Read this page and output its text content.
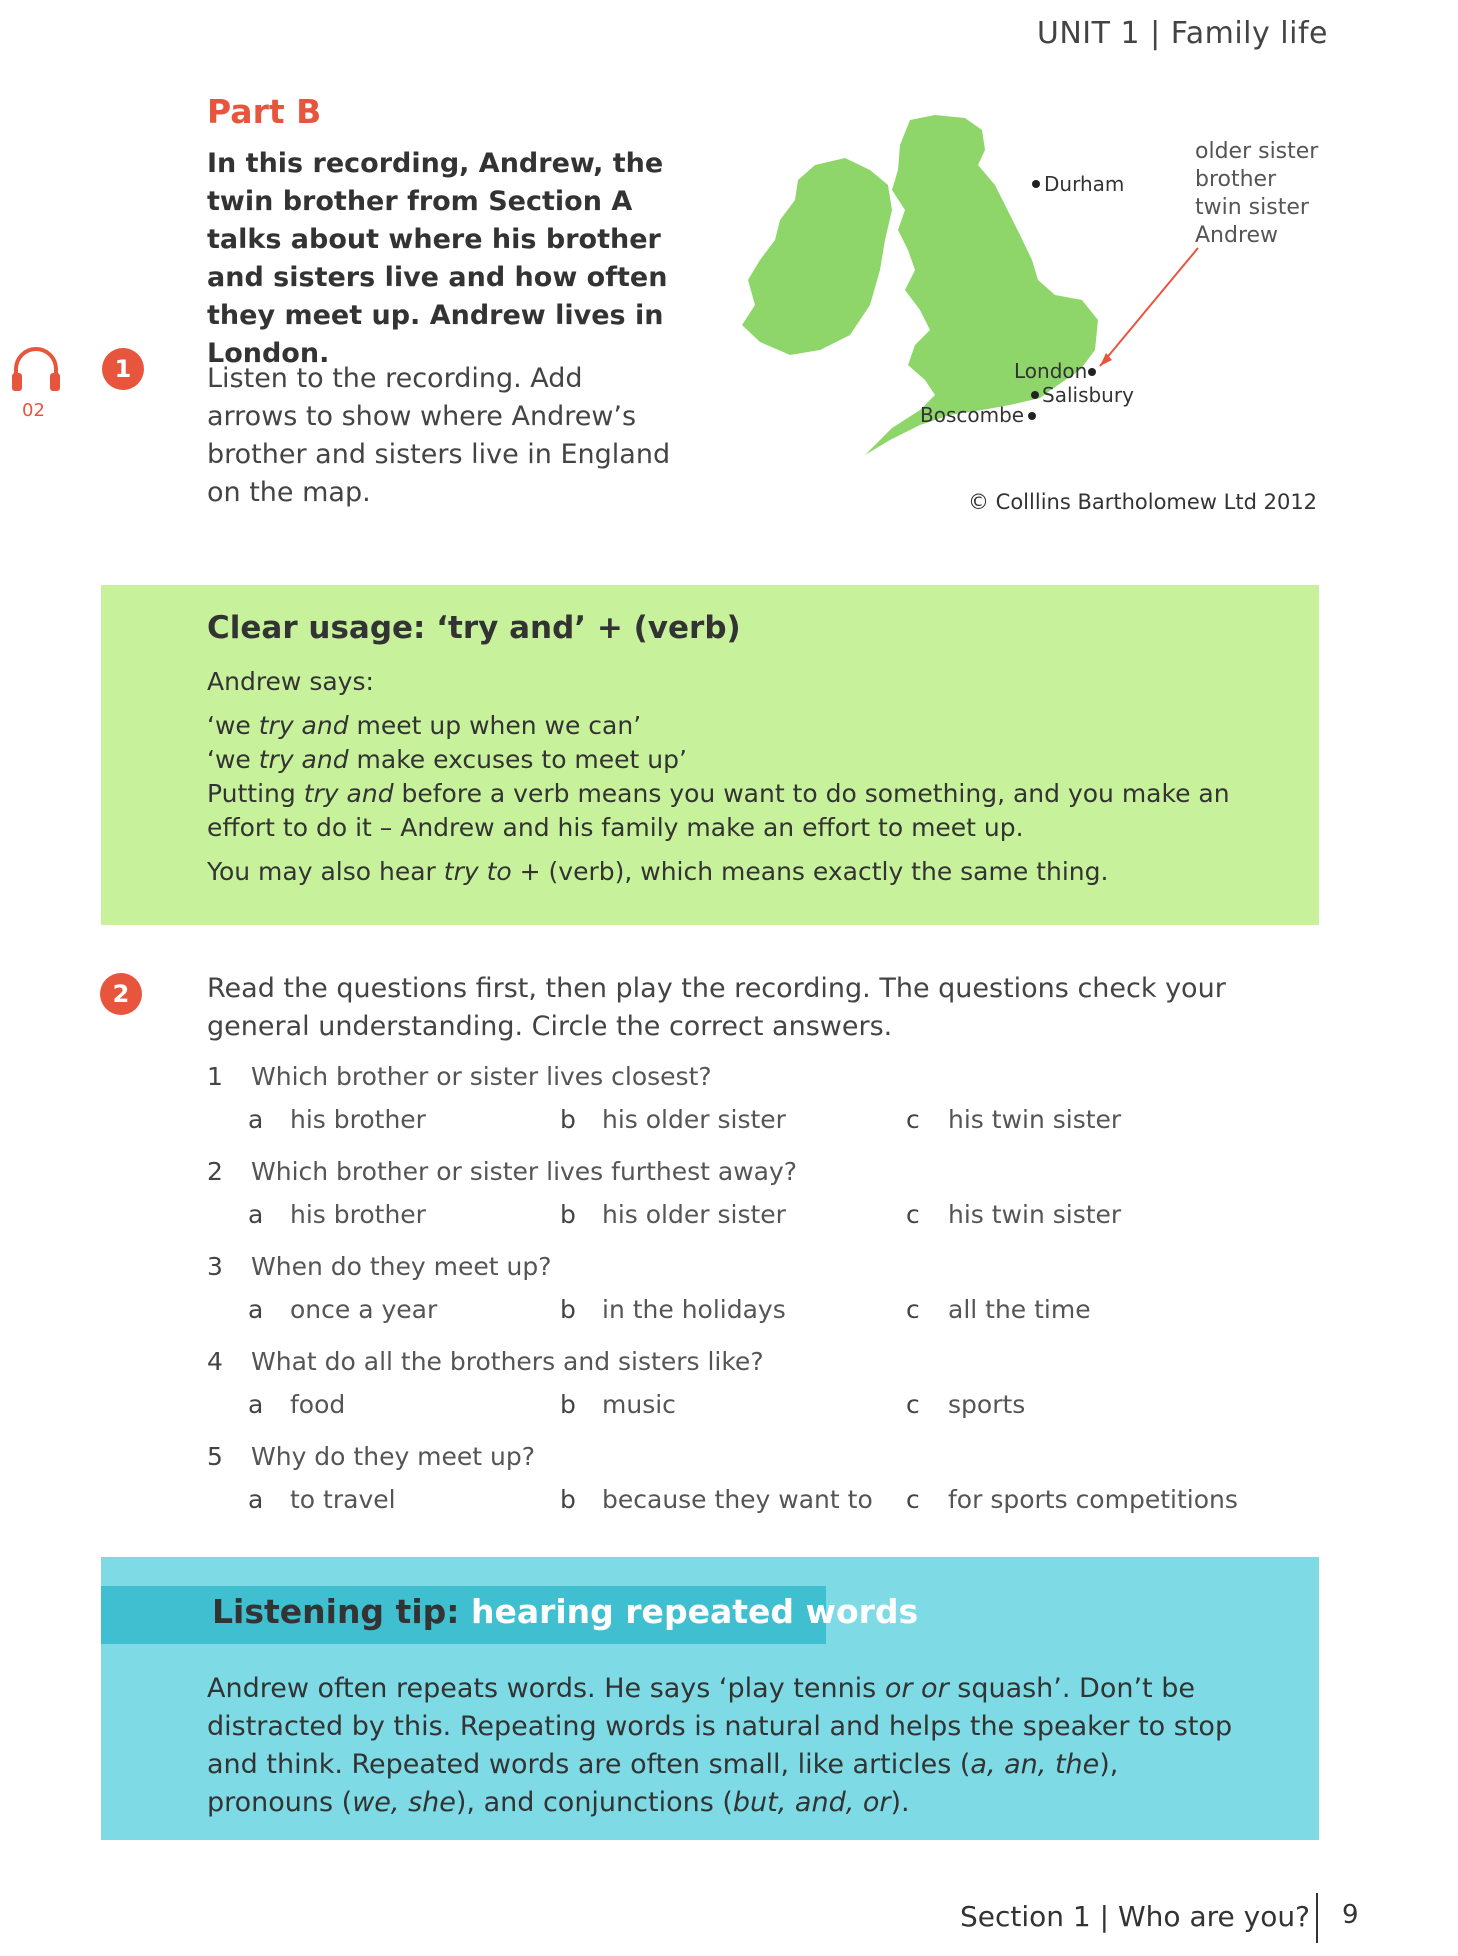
UNIT 1 | Family life
Part B
In this recording, Andrew, the twin brother from Section A talks about where his brother and sisters live and how often they meet up. Andrew lives in London.
02
1	Listen to the recording. Add arrows to show where Andrew’s brother and sisters live in England on the map.
Durham
London
Salisbury
Boscombe
older sister
brother
twin sister
Andrew
© Colllins Bartholomew Ltd 2012
Clear usage: ‘try and’ + (verb)

Andrew says:

‘we try and meet up when we can’

‘we try and make excuses to meet up’

Putting try and before a verb means you want to do something, and you make an effort to do it – Andrew and his family make an effort to meet up.

You may also hear try to + (verb), which means exactly the same thing.

2	Read the questions first, then play the recording. The questions check your general understanding. Circle the correct answers.
1 Which brother or sister lives closest?
a his brother	b his older sister	c his twin sister
2 Which brother or sister lives furthest away?
a his brother	b his older sister	c his twin sister
3 When do they meet up?
a once a year	b in the holidays	c all the time
4 What do all the brothers and sisters like?
a food	b music	c sports
5 Why do they meet up?
a to travel	b because they want to c for sports competitions
Listening tip: hearing repeated words
Andrew often repeats words. He says ‘play tennis or or squash’. Don’t be distracted by this. Repeating words is natural and helps the speaker to stop and think. Repeated words are often small, like articles (a, an, the), pronouns (we, she), and conjunctions (but, and, or).
Section 1 | Who are you? 9
